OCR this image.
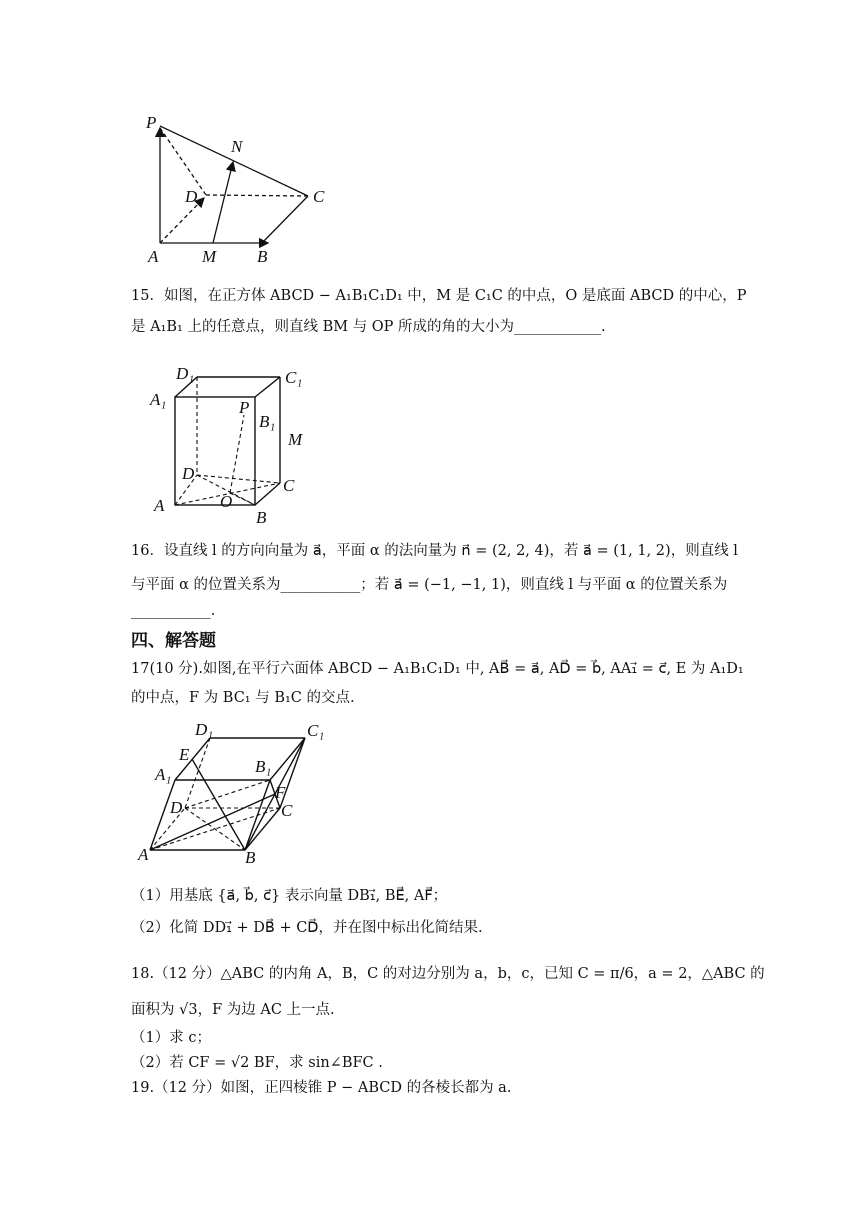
P
N
D	C
A	M B
15．如图，在正方体 ABCD − A₁B₁C₁D₁ 中，M 是 C₁C 的中点，O 是底面 ABCD 的中心，P
是 A₁B₁ 上的任意点，则直线 BM 与 OP 所成的角的大小为____________.
D₁	C₁
A₁	P
B₁
M
D
C
A	O
B
16．设直线 l 的方向向量为 a⃗，平面 α 的法向量为 n⃗ = (2, 2, 4)，若 a⃗ = (1, 1, 2)，则直线 l
与平面 α 的位置关系为___________；若 a⃗ = (−1, −1, 1)，则直线 l 与平面 α 的位置关系为
___________.
四、解答题
17(10 分).如图,在平行六面体 ABCD − A₁B₁C₁D₁ 中, AB⃗ = a⃗, AD⃗ = b⃗, AA₁⃗ = c⃗, E 为 A₁D₁
的中点，F 为 BC₁ 与 B₁C 的交点.
D₁	C₁
E
A₁	B₁
D
F
C
A	B
（1）用基底 {a⃗, b⃗, c⃗} 表示向量 DB₁⃗, BE⃗, AF⃗；
（2）化简 DD₁⃗ + DB⃗ + CD⃗，并在图中标出化简结果.
18.（12 分）△ABC 的内角 A，B，C 的对边分别为 a，b，c，已知 C = π/6，a = 2，△ABC 的
面积为 √3，F 为边 AC 上一点.
（1）求 c；
（2）若 CF = √2 BF，求 sin∠BFC .
19.（12 分）如图，正四棱锥 P − ABCD 的各棱长都为 a.
